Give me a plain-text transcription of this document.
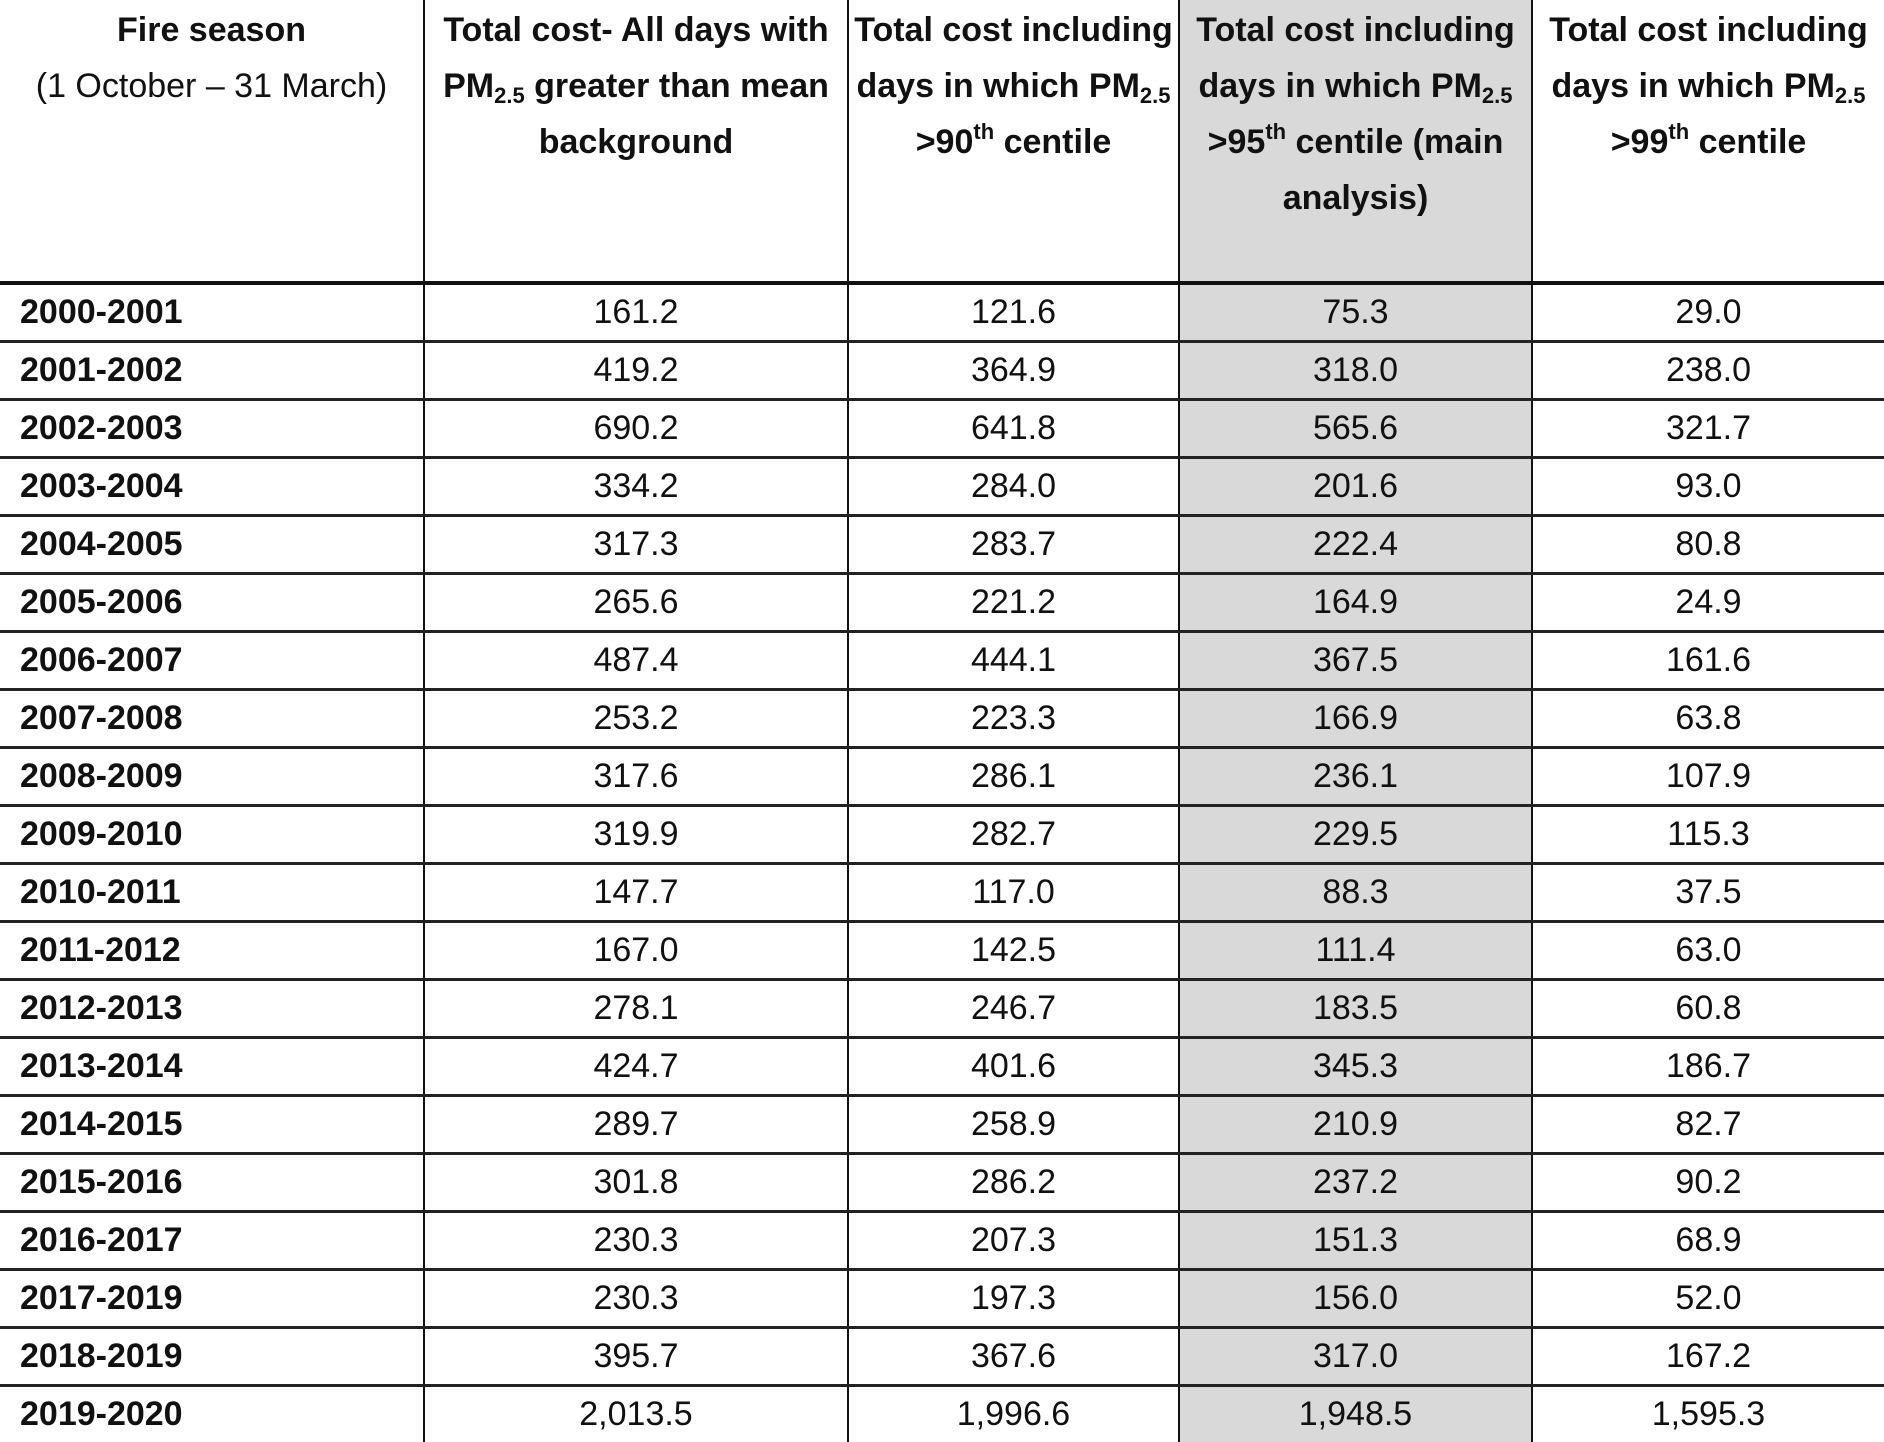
Fire season
(1 October – 31 March)	Total cost- All days with $PM_{2.5}$ greater than mean background	Total cost including days in which $PM_{2.5} >90th$ centile	Total cost including days in which $PM_{2.5} >95th$ centile (main analysis)	Total cost including days in which $PM_{2.5} >99th$ centile
2000-2001	161.2	121.6	75.3	29.0
2001-2002	419.2	364.9	318.0	238.0
2002-2003	690.2	641.8	565.6	321.7
2003-2004	334.2	284.0	201.6	93.0
2004-2005	317.3	283.7	222.4	80.8
2005-2006	265.6	221.2	164.9	24.9
2006-2007	487.4	444.1	367.5	161.6
2007-2008	253.2	223.3	166.9	63.8
2008-2009	317.6	286.1	236.1	107.9
2009-2010	319.9	282.7	229.5	115.3
2010-2011	147.7	117.0	88.3	37.5
2011-2012	167.0	142.5	111.4	63.0
2012-2013	278.1	246.7	183.5	60.8
2013-2014	424.7	401.6	345.3	186.7
2014-2015	289.7	258.9	210.9	82.7
2015-2016	301.8	286.2	237.2	90.2
2016-2017	230.3	207.3	151.3	68.9
2017-2019	230.3	197.3	156.0	52.0
2018-2019	395.7	367.6	317.0	167.2
2019-2020	2,013.5	1,996.6	1,948.5	1,595.3
